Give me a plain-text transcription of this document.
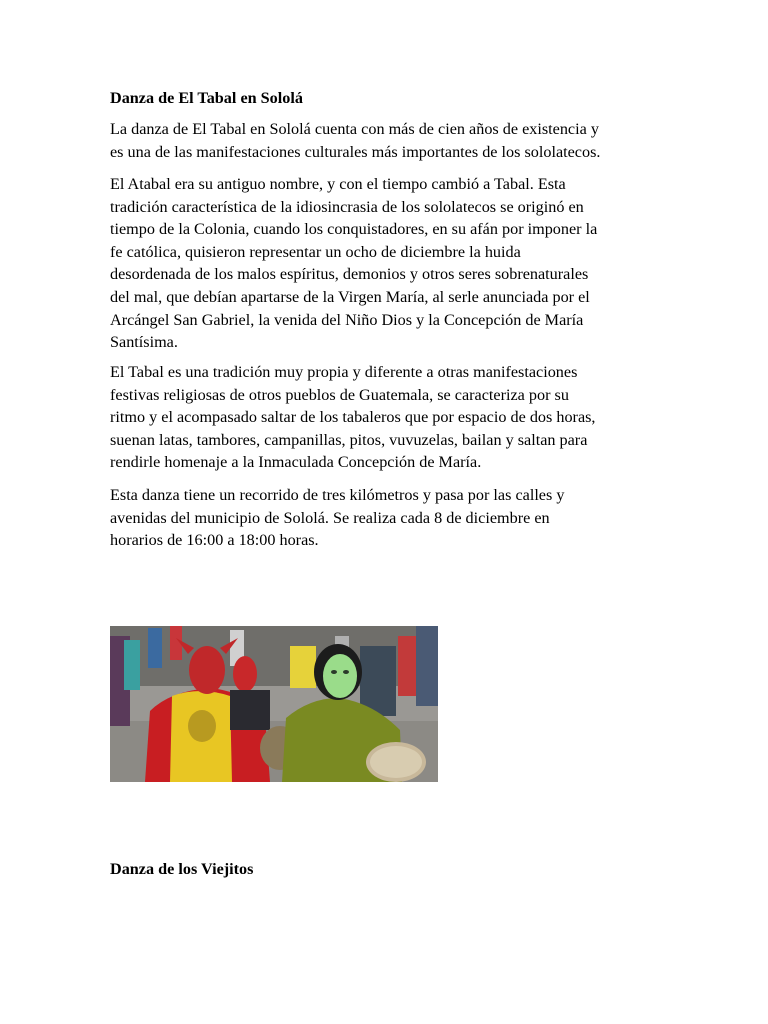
Danza de El Tabal en Sololá

La danza de El Tabal en Sololá cuenta con más de cien años de existencia y
es una de las manifestaciones culturales más importantes de los sololatecos.

El Atabal era su antiguo nombre, y con el tiempo cambió a Tabal. Esta
tradición característica de la idiosincrasia de los sololatecos se originó en
tiempo de la Colonia, cuando los conquistadores, en su afán por imponer la
fe católica, quisieron representar un ocho de diciembre la huida
desordenada de los malos espíritus, demonios y otros seres sobrenaturales
del mal, que debían apartarse de la Virgen María, al serle anunciada por el
Arcángel San Gabriel, la venida del Niño Dios y la Concepción de María
Santísima.

El Tabal es una tradición muy propia y diferente a otras manifestaciones
festivas religiosas de otros pueblos de Guatemala, se caracteriza por su
ritmo y el acompasado saltar de los tabaleros que por espacio de dos horas,
suenan latas, tambores, campanillas, pitos, vuvuzelas, bailan y saltan para
rendirle homenaje a la Inmaculada Concepción de María.

Esta danza tiene un recorrido de tres kilómetros y pasa por las calles y
avenidas del municipio de Sololá. Se realiza cada 8 de diciembre en
horarios de 16:00 a 18:00 horas.

Danza de los Viejitos
